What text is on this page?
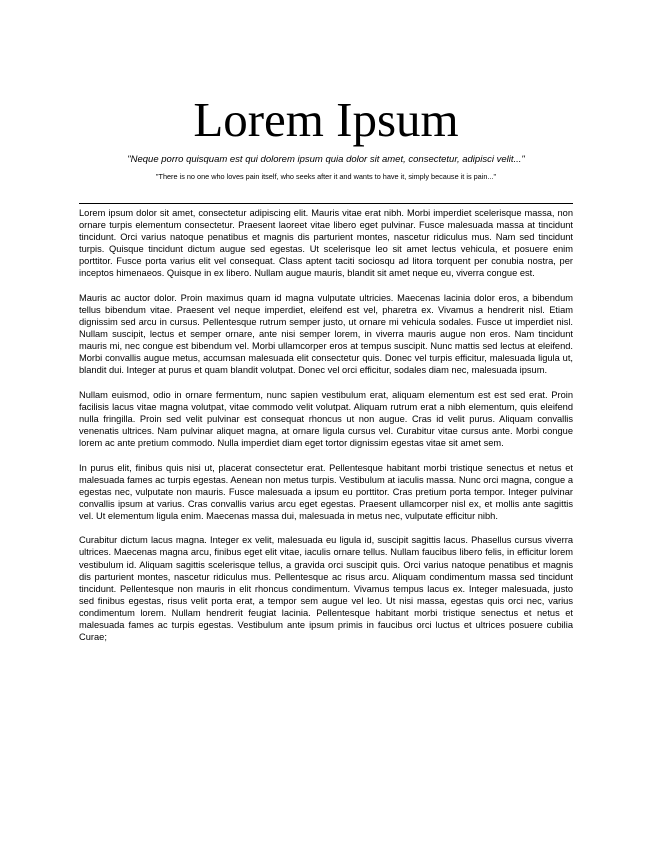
Lorem Ipsum

"Neque porro quisquam est qui dolorem ipsum quia dolor sit amet, consectetur, adipisci velit..."

"There is no one who loves pain itself, who seeks after it and wants to have it, simply because it is pain..."

Lorem ipsum dolor sit amet, consectetur adipiscing elit. Mauris vitae erat nibh. Morbi imperdiet scelerisque massa, non ornare turpis elementum consectetur. Praesent laoreet vitae libero eget pulvinar. Fusce malesuada massa at tincidunt tincidunt. Orci varius natoque penatibus et magnis dis parturient montes, nascetur ridiculus mus. Nam sed tincidunt turpis. Quisque tincidunt dictum augue sed egestas. Ut scelerisque leo sit amet lectus vehicula, et posuere enim porttitor. Fusce porta varius elit vel consequat. Class aptent taciti sociosqu ad litora torquent per conubia nostra, per inceptos himenaeos. Quisque in ex libero. Nullam augue mauris, blandit sit amet neque eu, viverra congue est.

Mauris ac auctor dolor. Proin maximus quam id magna vulputate ultricies. Maecenas lacinia dolor eros, a bibendum tellus bibendum vitae. Praesent vel neque imperdiet, eleifend est vel, pharetra ex. Vivamus a hendrerit nisl. Etiam dignissim sed arcu in cursus. Pellentesque rutrum semper justo, ut ornare mi vehicula sodales. Fusce ut imperdiet nisl. Nullam suscipit, lectus et semper ornare, ante nisi semper lorem, in viverra mauris augue non eros. Nam tincidunt mauris mi, nec congue est bibendum vel. Morbi ullamcorper eros at tempus suscipit. Nunc mattis sed lectus at eleifend. Morbi convallis augue metus, accumsan malesuada elit consectetur quis. Donec vel turpis efficitur, malesuada ligula ut, blandit dui. Integer at purus et quam blandit volutpat. Donec vel orci efficitur, sodales diam nec, malesuada ipsum.

Nullam euismod, odio in ornare fermentum, nunc sapien vestibulum erat, aliquam elementum est est sed erat. Proin facilisis lacus vitae magna volutpat, vitae commodo velit volutpat. Aliquam rutrum erat a nibh elementum, quis eleifend nulla fringilla. Proin sed velit pulvinar est consequat rhoncus ut non augue. Cras id velit purus. Aliquam convallis venenatis ultrices. Nam pulvinar aliquet magna, at ornare ligula cursus vel. Curabitur vitae cursus ante. Morbi congue lorem ac ante pretium commodo. Nulla imperdiet diam eget tortor dignissim egestas vitae sit amet sem.

In purus elit, finibus quis nisi ut, placerat consectetur erat. Pellentesque habitant morbi tristique senectus et netus et malesuada fames ac turpis egestas. Aenean non metus turpis. Vestibulum at iaculis massa. Nunc orci magna, congue a egestas nec, vulputate non mauris. Fusce malesuada a ipsum eu porttitor. Cras pretium porta tempor. Integer pulvinar convallis ipsum at varius. Cras convallis varius arcu eget egestas. Praesent ullamcorper nisl ex, et mollis ante sagittis vel. Ut elementum ligula enim. Maecenas massa dui, malesuada in metus nec, vulputate efficitur nibh.

Curabitur dictum lacus magna. Integer ex velit, malesuada eu ligula id, suscipit sagittis lacus. Phasellus cursus viverra ultrices. Maecenas magna arcu, finibus eget elit vitae, iaculis ornare tellus. Nullam faucibus libero felis, in efficitur lorem vestibulum id. Aliquam sagittis scelerisque tellus, a gravida orci suscipit quis. Orci varius natoque penatibus et magnis dis parturient montes, nascetur ridiculus mus. Pellentesque ac risus arcu. Aliquam condimentum massa sed tincidunt tincidunt. Pellentesque non mauris in elit rhoncus condimentum. Vivamus tempus lacus ex. Integer malesuada, justo sed finibus egestas, risus velit porta erat, a tempor sem augue vel leo. Ut nisi massa, egestas quis orci nec, varius condimentum lorem. Nullam hendrerit feugiat lacinia. Pellentesque habitant morbi tristique senectus et netus et malesuada fames ac turpis egestas. Vestibulum ante ipsum primis in faucibus orci luctus et ultrices posuere cubilia Curae;
